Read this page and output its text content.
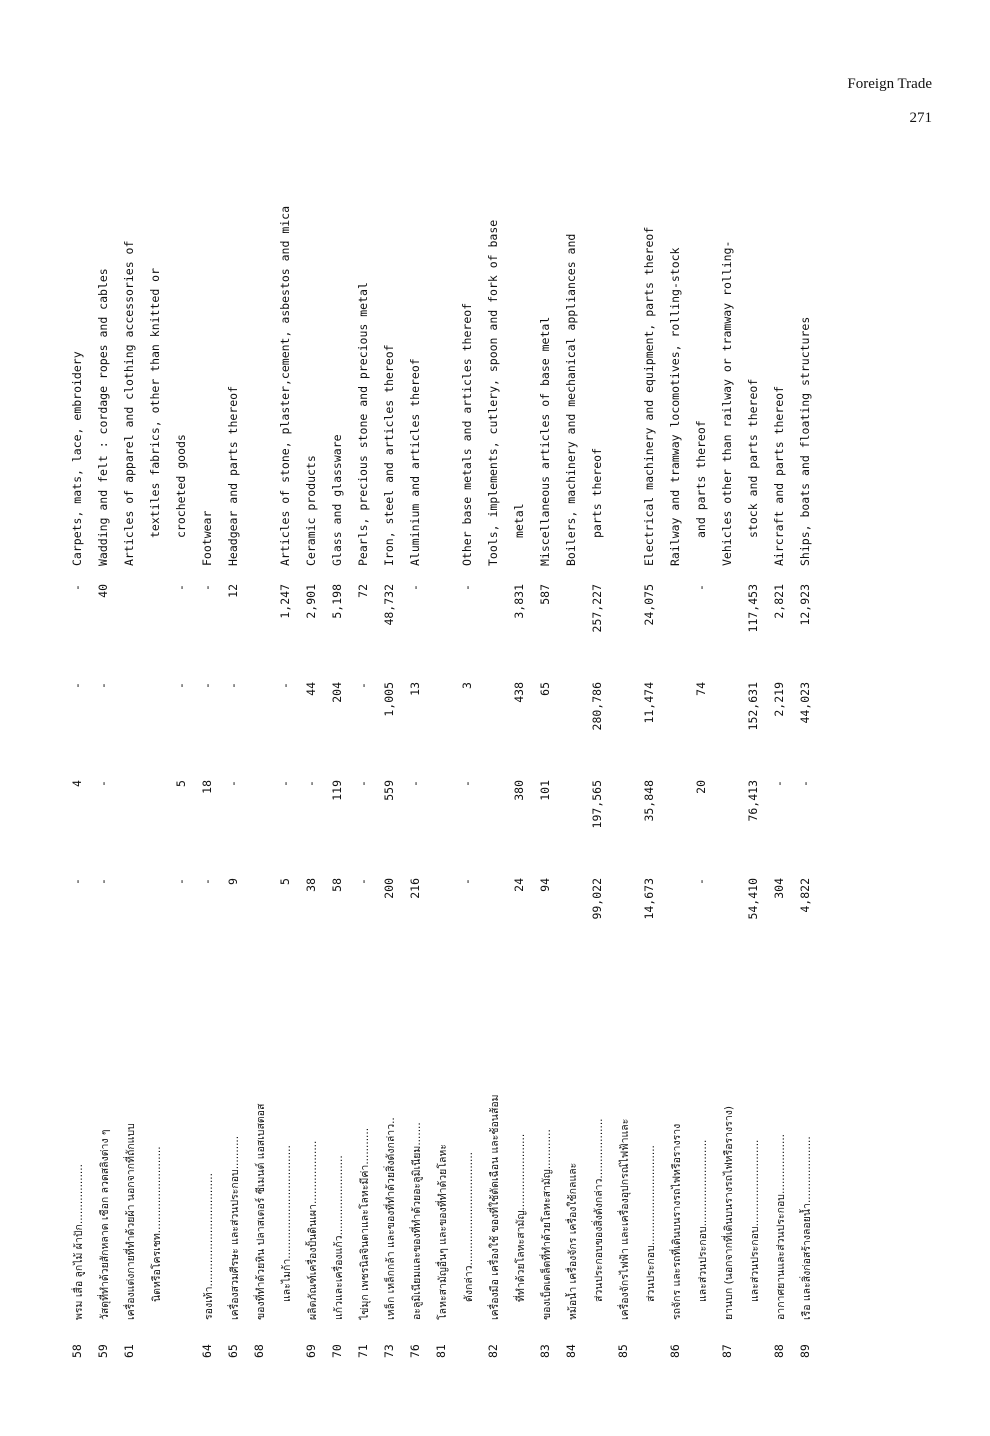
Foreign Trade
271
58
พรม เสื่อ ลูกไม้ ผ้าปัก..................
-
4
-
-
Carpets, mats, lace, embroidery
59
วัสดุที่ทำด้วยสักหลาด เชือก ลวดสลิงต่าง ๆ
-
-
-
40
Wadding and felt : cordage ropes and cables
61
เครื่องแต่งกายที่ทำด้วยผ้า นอกจากที่ถักแบบ
Articles of apparel and clothing accessories of
นิตหรือโครเชท..........................
textiles fabrics, other than knitted or
-
5
-
-
crocheted goods
64
รองเท้า..................................
-
18
-
-
Footwear
65
เครื่องสวมศีรษะ และส่วนประกอบ..........
9
-
-
12
Headgear and parts thereof
68
ของที่ทำด้วยหิน ปลาสเตอร์ ซีเมนต์ แอสเบสตอส และไมก้า..................................
5
-
-
1,247
Articles of stone, plaster,cement, asbestos and mica
69
ผลิตภัณฑ์เครื่องปั้นดินเผา...................
38
-
44
2,901
Ceramic products
70
แก้วและเครื่องแก้ว........................
58
119
204
5,198
Glass and glassware
71
ไข่มุก เพชรนิลจินดาและโลหะมีค่า...........
-
-
-
72
Pearls, precious stone and precious metal
73
เหล็ก เหล็กกล้า และของที่ทำด้วยสิ่งดังกล่าว..
200
559
1,005
48,732
Iron, steel and articles thereof
76
อะลูมิเนียมและของที่ทำด้วยอะลูมิเนียม.......
216
-
13
-
Aluminium and articles thereof
81
โลหะสามัญอื่นๆ และของที่ทำด้วยโลหะ ดังกล่าว..................................
-
-
3
-
Other base metals and articles thereof
82
เครื่องมือ เครื่องใช้ ของที่ใช้ตัดเฉือน และช้อนส้อม
Tools, implements, cutlery, spoon and fork of base
ที่ทำด้วยโลหะสามัญ.......................
24
380
438
3,831
metal
83
ของเบ็ดเตล็ดที่ทำด้วยโลหะสามัญ............
94
101
65
587
Miscellaneous articles of base metal
84
หม้อน้ำ เครื่องจักร เครื่องใช้กลและ
Boilers, machinery and mechanical appliances and
ส่วนประกอบของสิ่งดังกล่าว..................
99,022
197,565
280,786
257,227
parts thereof
85
เครื่องจักรไฟฟ้า และเครื่องอุปกรณ์ไฟฟ้าและ ส่วนประกอบ..............................
14,673
35,848
11,474
24,075
Electrical machinery and equipment, parts thereof
86
รถจักร และรถที่เดินบนรางรถไฟหรือรางราง
Railway and tramway locomotives, rolling-stock
และส่วนประกอบ..........................
-
20
74
-
and parts thereof
87
ยานบก (นอกจากที่เดินบนรางรถไฟหรือรางราง)
Vehicles other than railway or tramway rolling-
และส่วนประกอบ..........................
54,410
76,413
152,631
117,453
stock and parts thereof
88
อากาศยานและส่วนประกอบ..................
304
-
2,219
2,821
Aircraft and parts thereof
89
เรือ และสิ่งก่อสร้างลอยน้ำ....................
4,822
-
44,023
12,923
Ships, boats and floating structures
